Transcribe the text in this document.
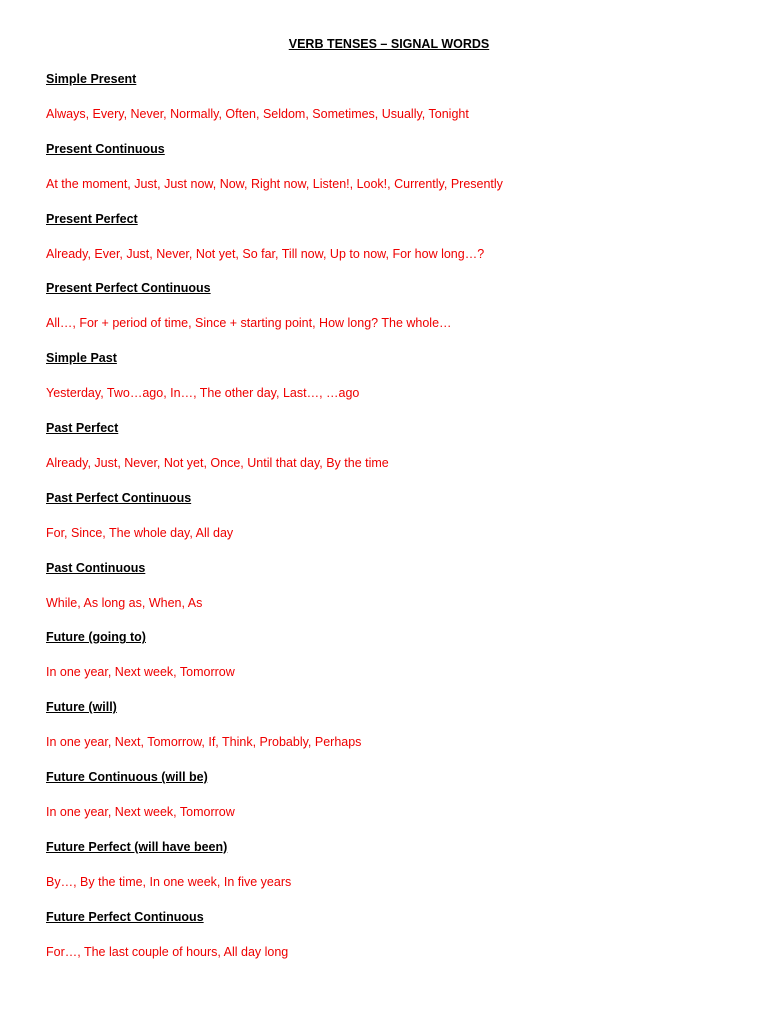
VERB TENSES – SIGNAL WORDS

Simple Present

Always, Every, Never, Normally, Often, Seldom, Sometimes, Usually, Tonight

Present Continuous

At the moment, Just, Just now, Now, Right now, Listen!, Look!, Currently, Presently

Present Perfect

Already, Ever, Just, Never, Not yet, So far, Till now, Up to now, For how long…?

Present Perfect Continuous

All…, For + period of time, Since + starting point, How long? The whole…

Simple Past

Yesterday, Two…ago, In…, The other day, Last…, …ago

Past Perfect

Already, Just, Never, Not yet, Once, Until that day, By the time

Past Perfect Continuous

For, Since, The whole day, All day

Past Continuous

While, As long as, When, As

Future (going to)

In one year, Next week, Tomorrow

Future (will)

In one year, Next, Tomorrow, If, Think, Probably, Perhaps

Future Continuous (will be)

In one year, Next week, Tomorrow

Future Perfect (will have been)

By…, By the time, In one week, In five years

Future Perfect Continuous

For…, The last couple of hours, All day long
